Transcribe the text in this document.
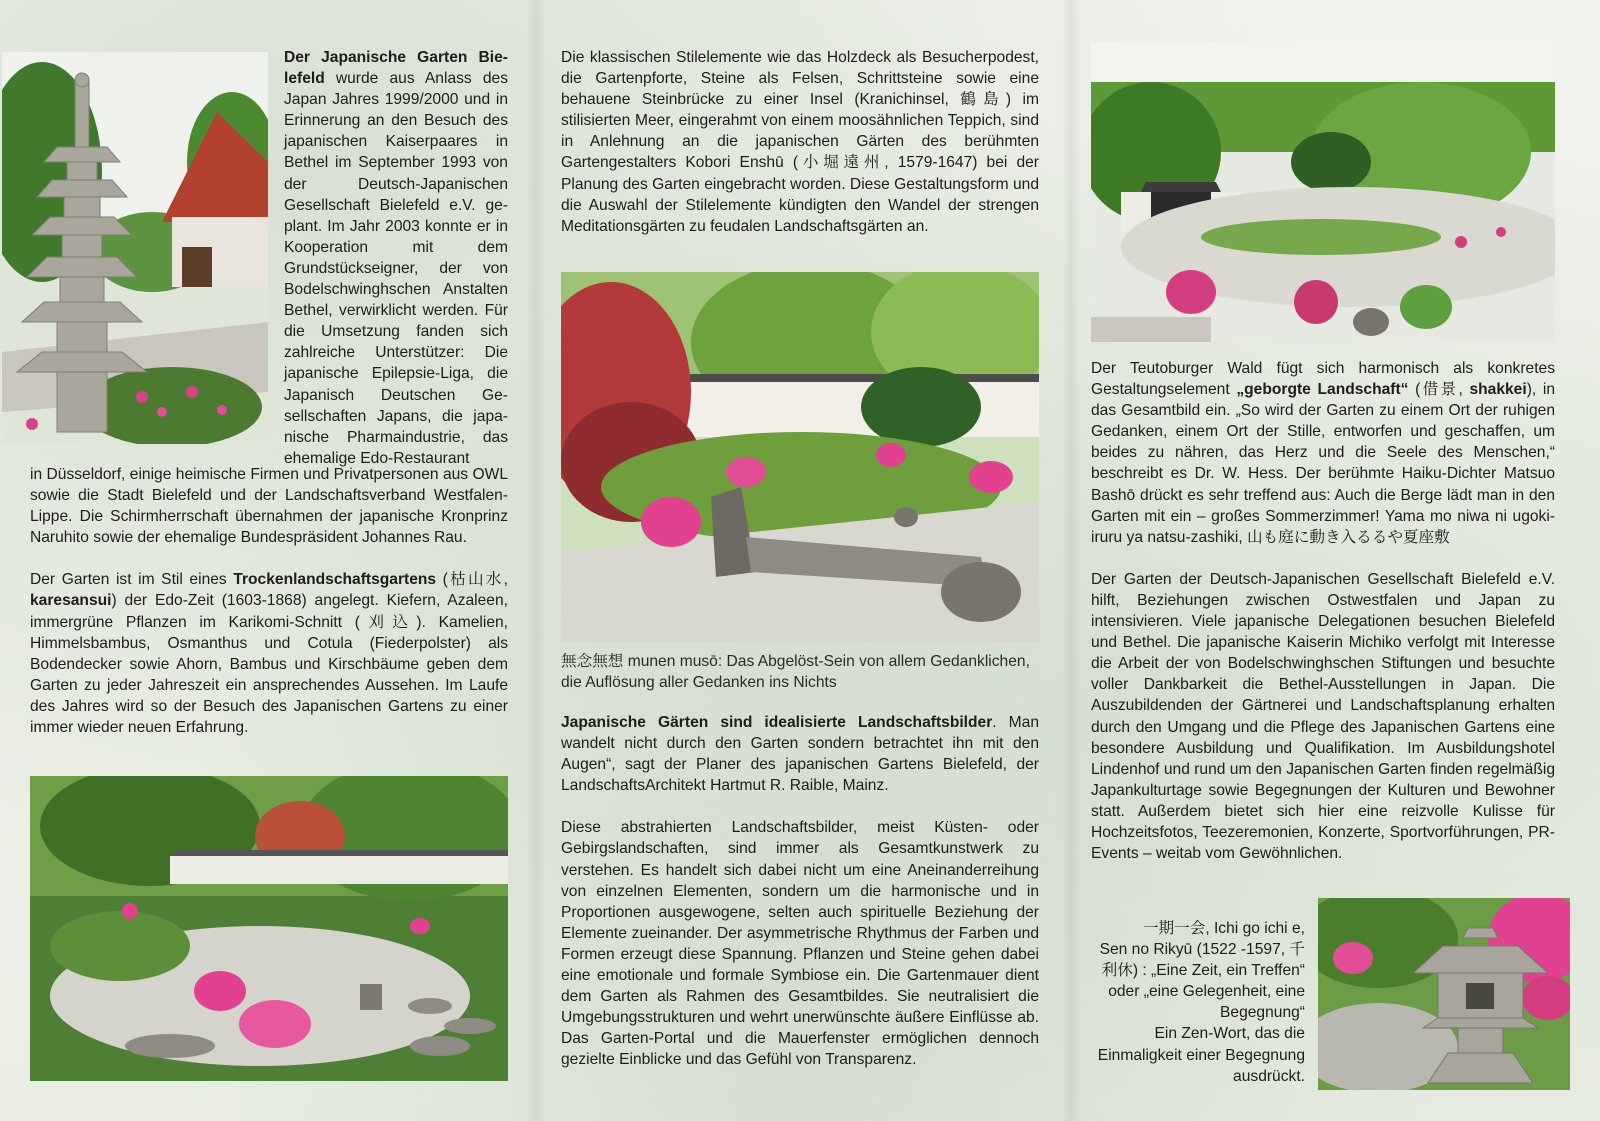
Der Japanische Garten Bielefeld wurde aus Anlass des Japan Jahres 1999/2000 und in Erinnerung an den Besuch des japanischen Kaiserpaares in Bethel im September 1993 von der Deutsch-Japanischen Gesellschaft Bielefeld e.V. geplant. Im Jahr 2003 konnte er in Kooperation mit dem Grundstückseigner, der von Bodelschwinghschen Anstalten Bethel, verwirklicht werden. Für die Umsetzung fanden sich zahlreiche Unterstützer: Die japanische Epilepsie-Liga, die Japanisch Deutschen Gesellschaften Japans, die japanische Pharmaindustrie, das ehemalige Edo-Restaurant

in Düsseldorf, einige heimische Firmen und Privatpersonen aus OWL sowie die Stadt Bielefeld und der Landschaftsverband Westfalen-Lippe. Die Schirmherrschaft übernahmen der japanische Kronprinz Naruhito sowie der ehemalige Bundespräsident Johannes Rau.

Der Garten ist im Stil eines Trockenlandschaftsgartens (枯山水, karesansui) der Edo-Zeit (1603-1868) angelegt. Kiefern, Azaleen, immergrüne Pflanzen im Karikomi-Schnitt (刈込). Kamelien, Himmelsbambus, Osmanthus und Cotula (Fiederpolster) als Bodendecker sowie Ahorn, Bambus und Kirschbäume geben dem Garten zu jeder Jahreszeit ein ansprechendes Aussehen. Im Laufe des Jahres wird so der Besuch des Japanischen Gartens zu einer immer wieder neuen Erfahrung.

Die klassischen Stilelemente wie das Holzdeck als Besucherpodest, die Gartenpforte, Steine als Felsen, Schrittsteine sowie eine behauene Steinbrücke zu einer Insel (Kranichinsel, 鶴島) im stilisierten Meer, eingerahmt von einem moosähnlichen Teppich, sind in Anlehnung an die japanischen Gärten des berühmten Gartengestalters Kobori Enshū (小堀遠州, 1579-1647) bei der Planung des Garten eingebracht worden. Diese Gestaltungsform und die Auswahl der Stilelemente kündigten den Wandel der strengen Meditationsgärten zu feudalen Landschaftsgärten an.

無念無想 munen musō: Das Abgelöst-Sein von allem Gedanklichen, die Auflösung aller Gedanken ins Nichts

Japanische Gärten sind idealisierte Landschaftsbilder. Man wandelt nicht durch den Garten sondern betrachtet ihn mit den Augen“, sagt der Planer des japanischen Gartens Bielefeld, der LandschaftsArchitekt Hartmut R. Raible, Mainz.

Diese abstrahierten Landschaftsbilder, meist Küsten- oder Gebirgslandschaften, sind immer als Gesamtkunstwerk zu verstehen. Es handelt sich dabei nicht um eine Aneinanderreihung von einzelnen Elementen, sondern um die harmonische und in Proportionen ausgewogene, selten auch spirituelle Beziehung der Elemente zueinander. Der asymmetrische Rhythmus der Farben und Formen erzeugt diese Spannung. Pflanzen und Steine gehen dabei eine emotionale und formale Symbiose ein. Die Gartenmauer dient dem Garten als Rahmen des Gesamtbildes. Sie neutralisiert die Umgebungsstrukturen und wehrt unerwünschte äußere Einflüsse ab. Das Garten-Portal und die Mauerfenster ermöglichen dennoch gezielte Einblicke und das Gefühl von Transparenz.

Der Teutoburger Wald fügt sich harmonisch als konkretes Gestaltungselement „geborgte Landschaft“ (借景, shakkei), in das Gesamtbild ein. „So wird der Garten zu einem Ort der ruhigen Gedanken, einem Ort der Stille, entworfen und geschaffen, um beides zu nähren, das Herz und die Seele des Menschen,“ beschreibt es Dr. W. Hess. Der berühmte Haiku-Dichter Matsuo Bashō drückt es sehr treffend aus: Auch die Berge lädt man in den Garten mit ein – großes Sommerzimmer! Yama mo niwa ni ugoki-iruru ya natsu-zashiki, 山も庭に動き入るるや夏座敷

Der Garten der Deutsch-Japanischen Gesellschaft Bielefeld e.V. hilft, Beziehungen zwischen Ostwestfalen und Japan zu intensivieren. Viele japanische Delegationen besuchen Bielefeld und Bethel. Die japanische Kaiserin Michiko verfolgt mit Interesse die Arbeit der von Bodelschwinghschen Stiftungen und besuchte voller Dankbarkeit die Bethel-Ausstellungen in Japan. Die Auszubildenden der Gärtnerei und Landschaftsplanung erhalten durch den Umgang und die Pflege des Japanischen Gartens eine besondere Ausbildung und Qualifikation. Im Ausbildungshotel Lindenhof und rund um den Japanischen Garten finden regelmäßig Japankulturtage sowie Begegnungen der Kulturen und Bewohner statt. Außerdem bietet sich hier eine reizvolle Kulisse für Hochzeitsfotos, Teezeremonien, Konzerte, Sportvorführungen, PR-Events – weitab vom Gewöhnlichen.

一期一会, Ichi go ichi e,

Sen no Rikyū (1522 -1597, 千利休) : „Eine Zeit, ein Treffen“ oder „eine Gelegenheit, eine Begegnung“

Ein Zen-Wort, das die Einmaligkeit einer Begegnung ausdrückt.
